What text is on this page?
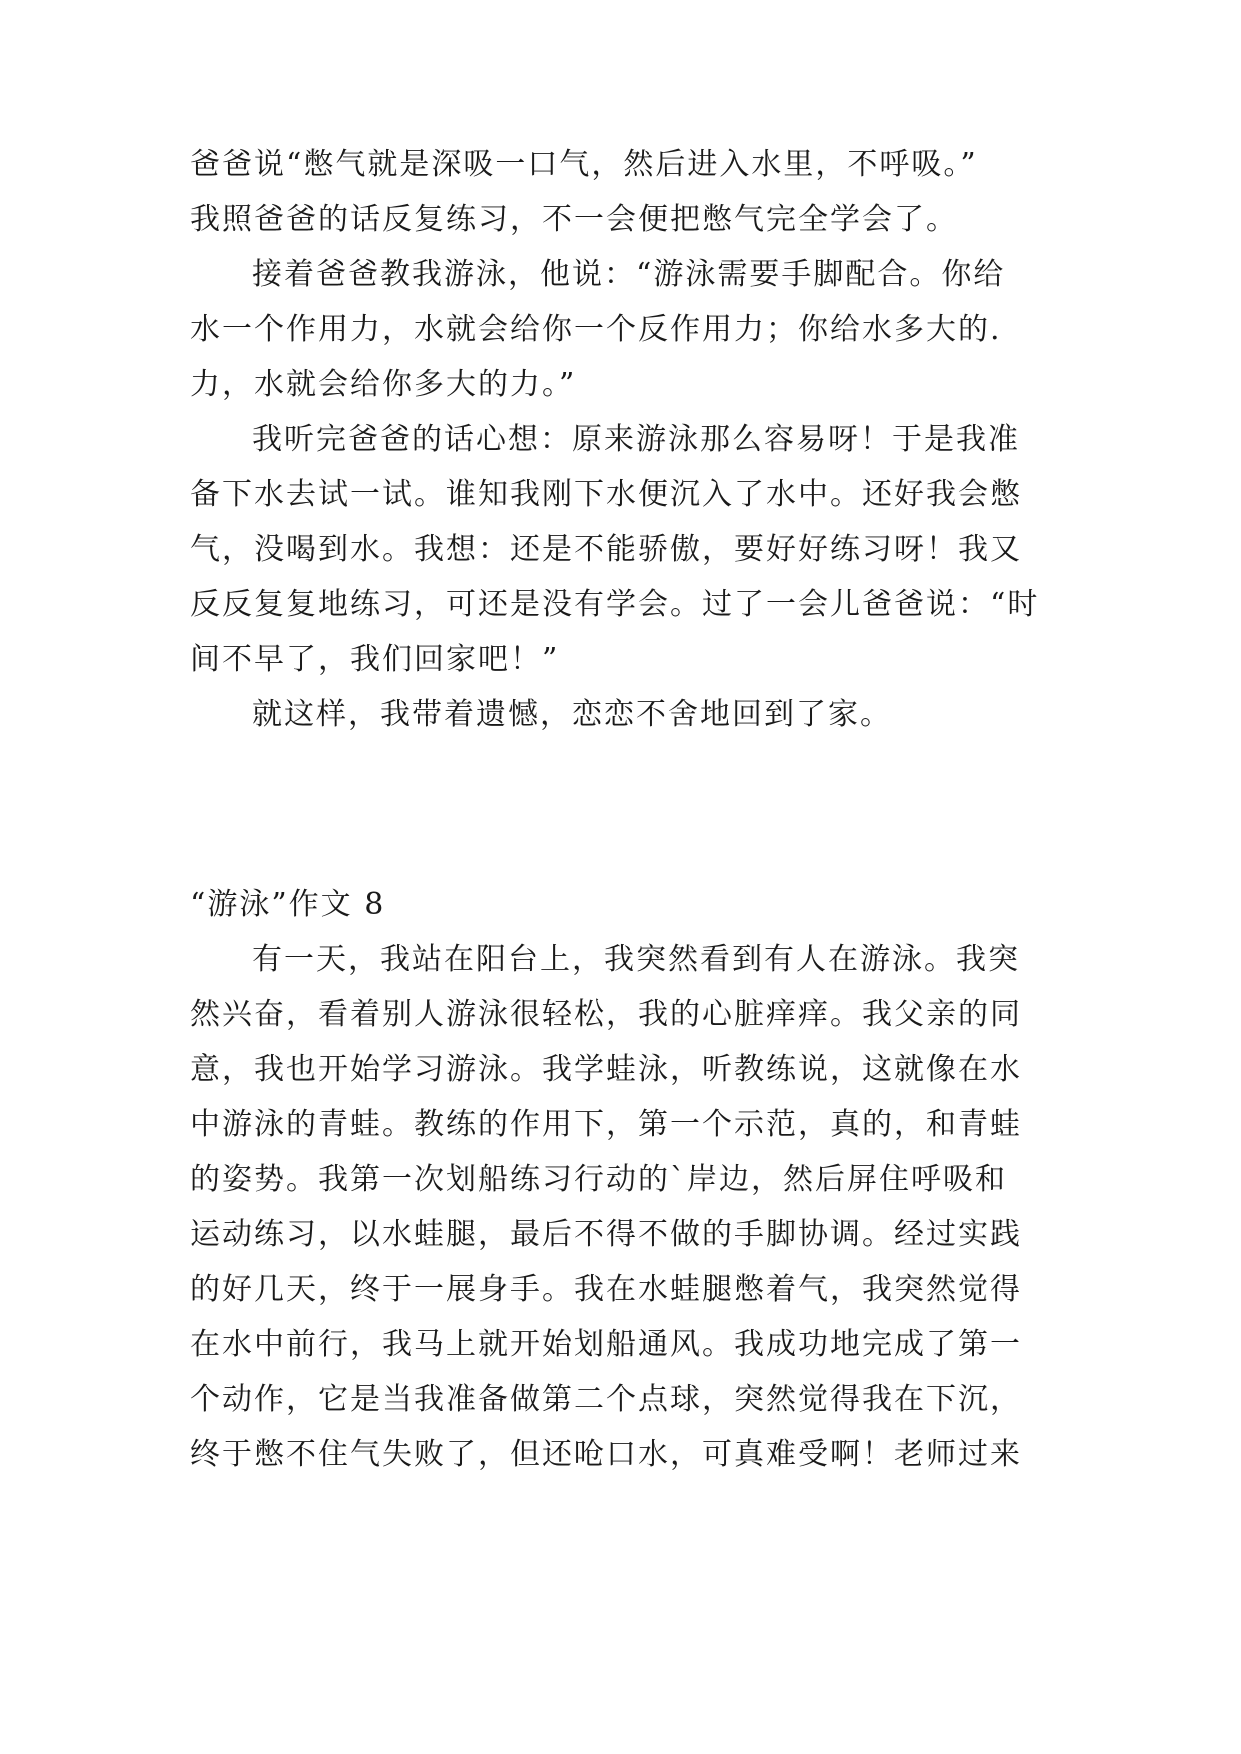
爸爸说“憋气就是深吸一口气，然后进入水里，不呼吸。”
我照爸爸的话反复练习，不一会便把憋气完全学会了。
接着爸爸教我游泳，他说：“游泳需要手脚配合。你给
水一个作用力，水就会给你一个反作用力；你给水多大的.
力，水就会给你多大的力。”
我听完爸爸的话心想：原来游泳那么容易呀！于是我准
备下水去试一试。谁知我刚下水便沉入了水中。还好我会憋
气，没喝到水。我想：还是不能骄傲，要好好练习呀！我又
反反复复地练习，可还是没有学会。过了一会儿爸爸说：“时
间不早了，我们回家吧！”
就这样，我带着遗憾，恋恋不舍地回到了家。
“游泳”作文 8
有一天，我站在阳台上，我突然看到有人在游泳。我突
然兴奋，看着别人游泳很轻松，我的心脏痒痒。我父亲的同
意，我也开始学习游泳。我学蛙泳，听教练说，这就像在水
中游泳的青蛙。教练的作用下，第一个示范，真的，和青蛙
的姿势。我第一次划船练习行动的`岸边，然后屏住呼吸和
运动练习，以水蛙腿，最后不得不做的手脚协调。经过实践
的好几天，终于一展身手。我在水蛙腿憋着气，我突然觉得
在水中前行，我马上就开始划船通风。我成功地完成了第一
个动作，它是当我准备做第二个点球，突然觉得我在下沉，
终于憋不住气失败了，但还呛口水，可真难受啊！老师过来
